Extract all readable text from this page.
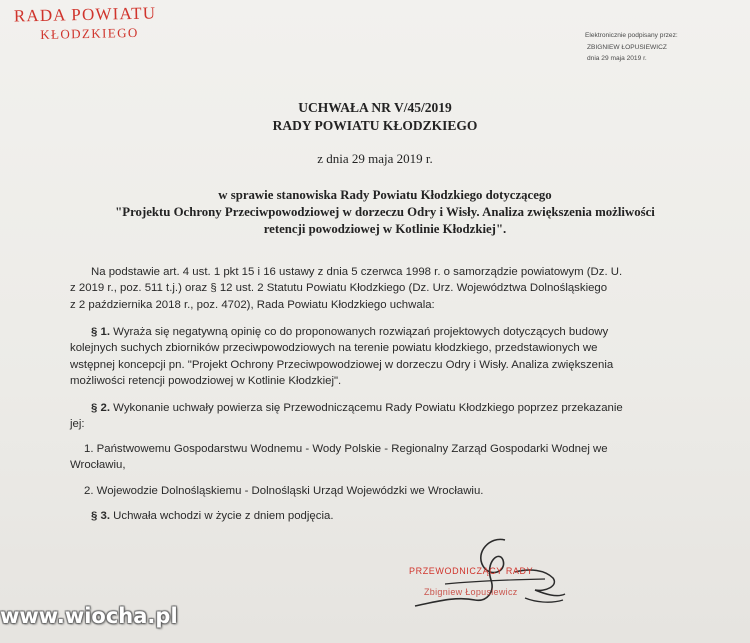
RADA POWIATU
KŁODZKIEGO	Elektronicznie podpisany przez:
ZBIGNIEW ŁOPUSIEWICZ
dnia 29 maja 2019 r.
UCHWAŁA NR V/45/2019
RADY POWIATU KŁODZKIEGO
z dnia 29 maja 2019 r.
w sprawie stanowiska Rady Powiatu Kłodzkiego dotyczącego
"Projektu Ochrony Przeciwpowodziowej w dorzeczu Odry i Wisły. Analiza zwiększenia możliwości
retencji powodziowej w Kotlinie Kłodzkiej".
Na podstawie art. 4 ust. 1 pkt 15 i 16 ustawy z dnia 5 czerwca 1998 r. o samorządzie powiatowym (Dz. U.
z 2019 r., poz. 511 t.j.) oraz § 12 ust. 2 Statutu Powiatu Kłodzkiego (Dz. Urz. Województwa Dolnośląskiego
z 2 października 2018 r., poz. 4702), Rada Powiatu Kłodzkiego uchwala:
§ 1. Wyraża się negatywną opinię co do proponowanych rozwiązań projektowych dotyczących budowy
kolejnych suchych zbiorników przeciwpowodziowych na terenie powiatu kłodzkiego, przedstawionych we
wstępnej koncepcji pn. "Projekt Ochrony Przeciwpowodziowej w dorzeczu Odry i Wisły. Analiza zwiększenia
możliwości retencji powodziowej w Kotlinie Kłodzkiej".
§ 2. Wykonanie uchwały powierza się Przewodniczącemu Rady Powiatu Kłodzkiego poprzez przekazanie
jej:
1. Państwowemu Gospodarstwu Wodnemu - Wody Polskie - Regionalny Zarząd Gospodarki Wodnej we
Wrocławiu,
2. Wojewodzie Dolnośląskiemu - Dolnośląski Urząd Wojewódzki we Wrocławiu.
§ 3. Uchwała wchodzi w życie z dniem podjęcia.
PRZEWODNICZĄCY RADY
Zbigniew Łopusiewicz
www.wiocha.pl
